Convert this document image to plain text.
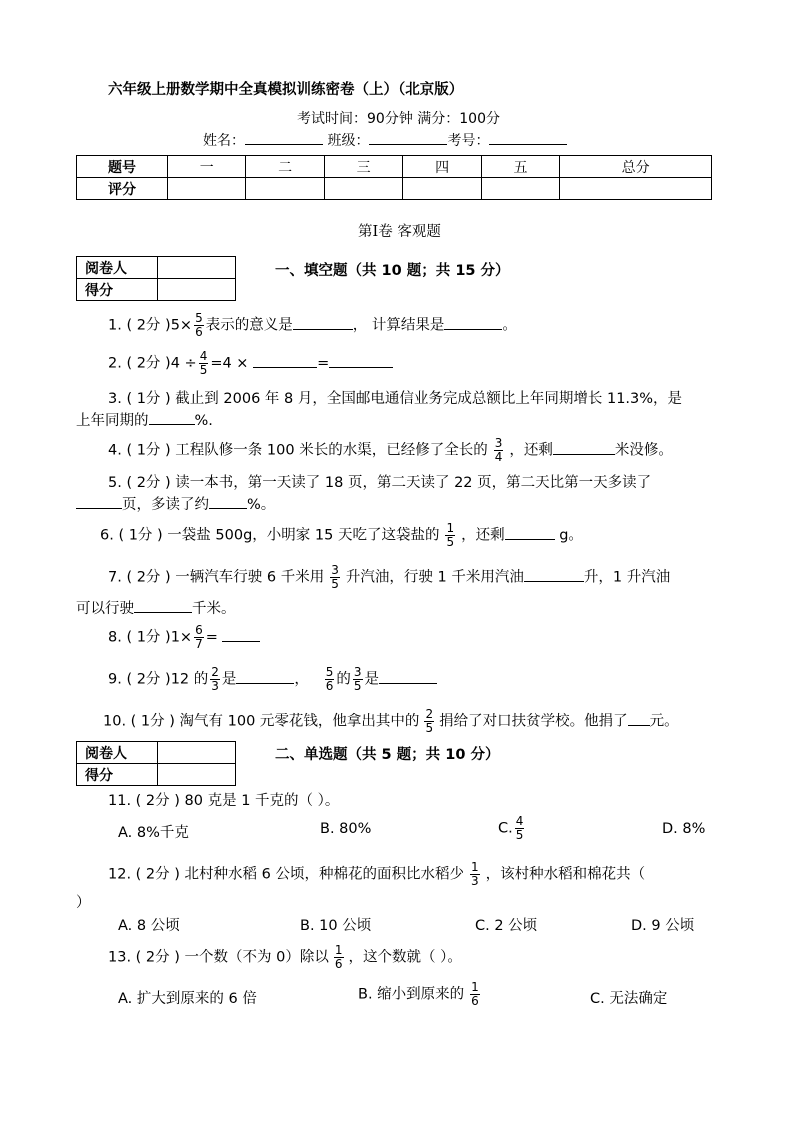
六年级上册数学期中全真模拟训练密卷（上）（北京版）
考试时间：90分钟 满分：100分
姓名：	班级：	考号：
题号	一	二	三	四	五	总分
评分						
第Ⅰ卷 客观题
阅卷人	
得分	
一、填空题（共 10 题；共 15 分）
1. ( 2分 )$5\times \frac{5}{6}$ 表示的意义是	， 计算结果是	。
2. ( 2分 )$4 \div \frac{4}{5} =4$ ×	=
3. ( 1分 ) 截止到 2006 年 8 月，全国邮电通信业务完成总额比上年同期增长 11.3%，是
上年同期的	%.
4. ( 1分 ) 工程队修一条 100 米长的水渠，已经修了全长的 $\frac{3}{4}$ ，还剩	米没修。
5. ( 2分 ) 读一本书，第一天读了 18 页，第二天读了 22 页，第二天比第一天多读了
页，多读了约	%。
6. ( 1分 ) 一袋盐 500g，小明家 15 天吃了这袋盐的 $\frac{1}{5}$ ，还剩	g。
7. ( 2分 ) 一辆汽车行驶 6 千米用 $\frac{3}{5}$ 升汽油，行驶 1 千米用汽油	升，1 升汽油
可以行驶	千米。
8. ( 1分 )$1\times \frac{6}{7}$ =
9. ( 2分 )12 的 $\frac{2}{3}$ 是	， $\frac{5}{6}$ 的 $\frac{3}{5}$ 是
10. ( 1分 ) 淘气有 100 元零花钱，他拿出其中的 $\frac{2}{5}$ 捐给了对口扶贫学校。他捐了 元。
阅卷人	
得分	
二、单选题（共 5 题；共 10 分）
11. ( 2分 ) 80 克是 1 千克的（ ）。
A. 8%千克	B. 80%	C. $\frac{4}{5}$	D. 8%
12. ( 2分 ) 北村种水稻 6 公顷，种棉花的面积比水稻少 $\frac{1}{3}$ ，该村种水稻和棉花共（
）
A. 8 公顷	B. 10 公顷	C. 2 公顷	D. 9 公顷
13. ( 2分 ) 一个数（不为 0）除以 $\frac{1}{6}$ ，这个数就（ ）。
A. 扩大到原来的 6 倍	B. 缩小到原来的 $\frac{1}{6}$	C. 无法确定
